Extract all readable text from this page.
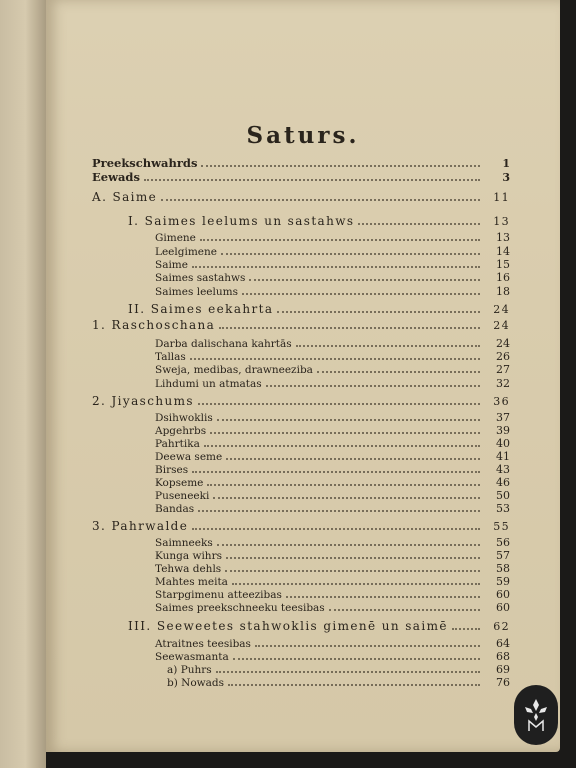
Saturs.
Preekschwahrds	1
Eewads	3
A. Saime	11
I. Saimes leelums un sastahws	13
Gimene	13
Leelgimene	14
Saime	15
Saimes sastahws	16
Saimes leelums	18
II. Saimes eekahrta	24
1. Raschoschana	24
Darba dalischana kahrtās	24
Tallas	26
Sweja, medibas, drawneeziba	27
Lihdumi un atmatas	32
2. Jiyaschums	36
Dsihwoklis	37
Apgehrbs	39
Pahrtika	40
Deewa seme	41
Birses	43
Kopseme	46
Puseneeki	50
Bandas	53
3. Pahrwalde	55
Saimneeks	56
Kunga wihrs	57
Tehwa dehls	58
Mahtes meita	59
Starpgimenu atteezibas	60
Saimes preekschneeku teesibas	60
III. Seeweetes stahwoklis gimenē un saimē	62
Atraitnes teesibas	64
Seewasmanta	68
a) Puhrs	69
b) Nowads	76
